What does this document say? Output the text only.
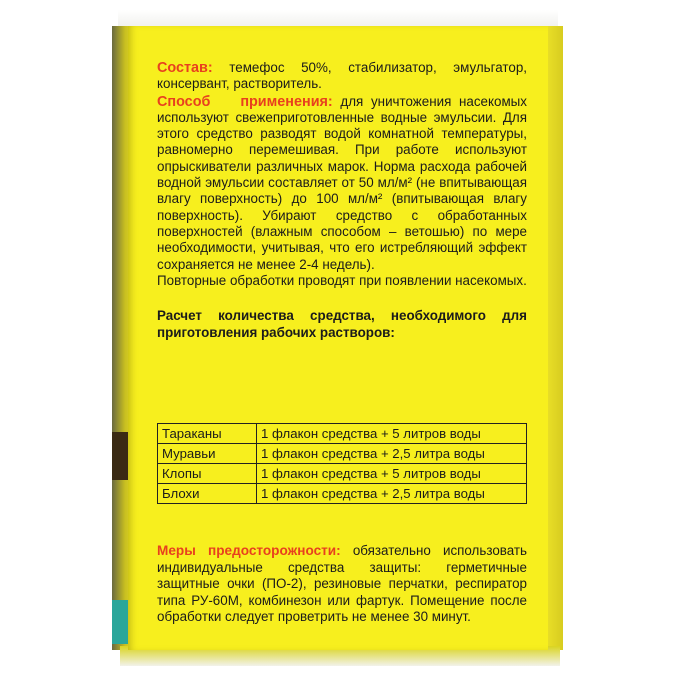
Состав: темефос 50%, стабилизатор, эмульгатор, консервант, растворитель.

Способ применения: для уничтожения насекомых используют свежеприготовленные водные эмульсии. Для этого средство разводят водой комнатной температуры, равномерно перемешивая. При работе используют опрыскиватели различных марок. Норма расхода рабочей водной эмульсии составляет от 50 мл/м² (не впитывающая влагу поверхность) до 100 мл/м² (впитывающая влагу поверхность). Убирают средство с обработанных поверхностей (влажным способом – ветошью) по мере необходимости, учитывая, что его истребляющий эффект сохраняется не менее 2-4 недель).

Повторные обработки проводят при появлении насекомых.

Расчет количества средства, необходимого для приготовления рабочих растворов:

Тараканы	1 флакон средства + 5 литров воды
Муравьи	1 флакон средства + 2,5 литра воды
Клопы	1 флакон средства + 5 литров воды
Блохи	1 флакон средства + 2,5 литра воды

Меры предосторожности: обязательно использовать индивидуальные средства защиты: герметичные защитные очки (ПО-2), резиновые перчатки, респиратор типа РУ-60М, комбинезон или фартук. Помещение после обработки следует проветрить не менее 30 минут.
